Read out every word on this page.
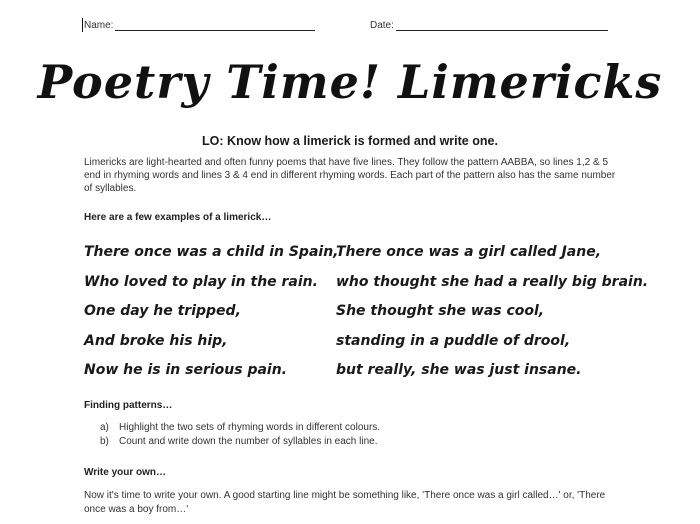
Name:	Date:
Poetry Time! Limericks
LO: Know how a limerick is formed and write one.
Limericks are light-hearted and often funny poems that have five lines. They follow the pattern AABBA, so lines 1,2 & 5 end in rhyming words and lines 3 & 4 end in different rhyming words. Each part of the pattern also has the same number of syllables.
Here are a few examples of a limerick…
There once was a child in Spain,
Who loved to play in the rain.
One day he tripped,
And broke his hip,
Now he is in serious pain.
There once was a girl called Jane,
who thought she had a really big brain.
She thought she was cool,
standing in a puddle of drool,
but really, she was just insane.
Finding patterns…
a)	Highlight the two sets of rhyming words in different colours.
b)	Count and write down the number of syllables in each line.
Write your own…
Now it's time to write your own. A good starting line might be something like, 'There once was a girl called…' or, 'There once was a boy from…'
